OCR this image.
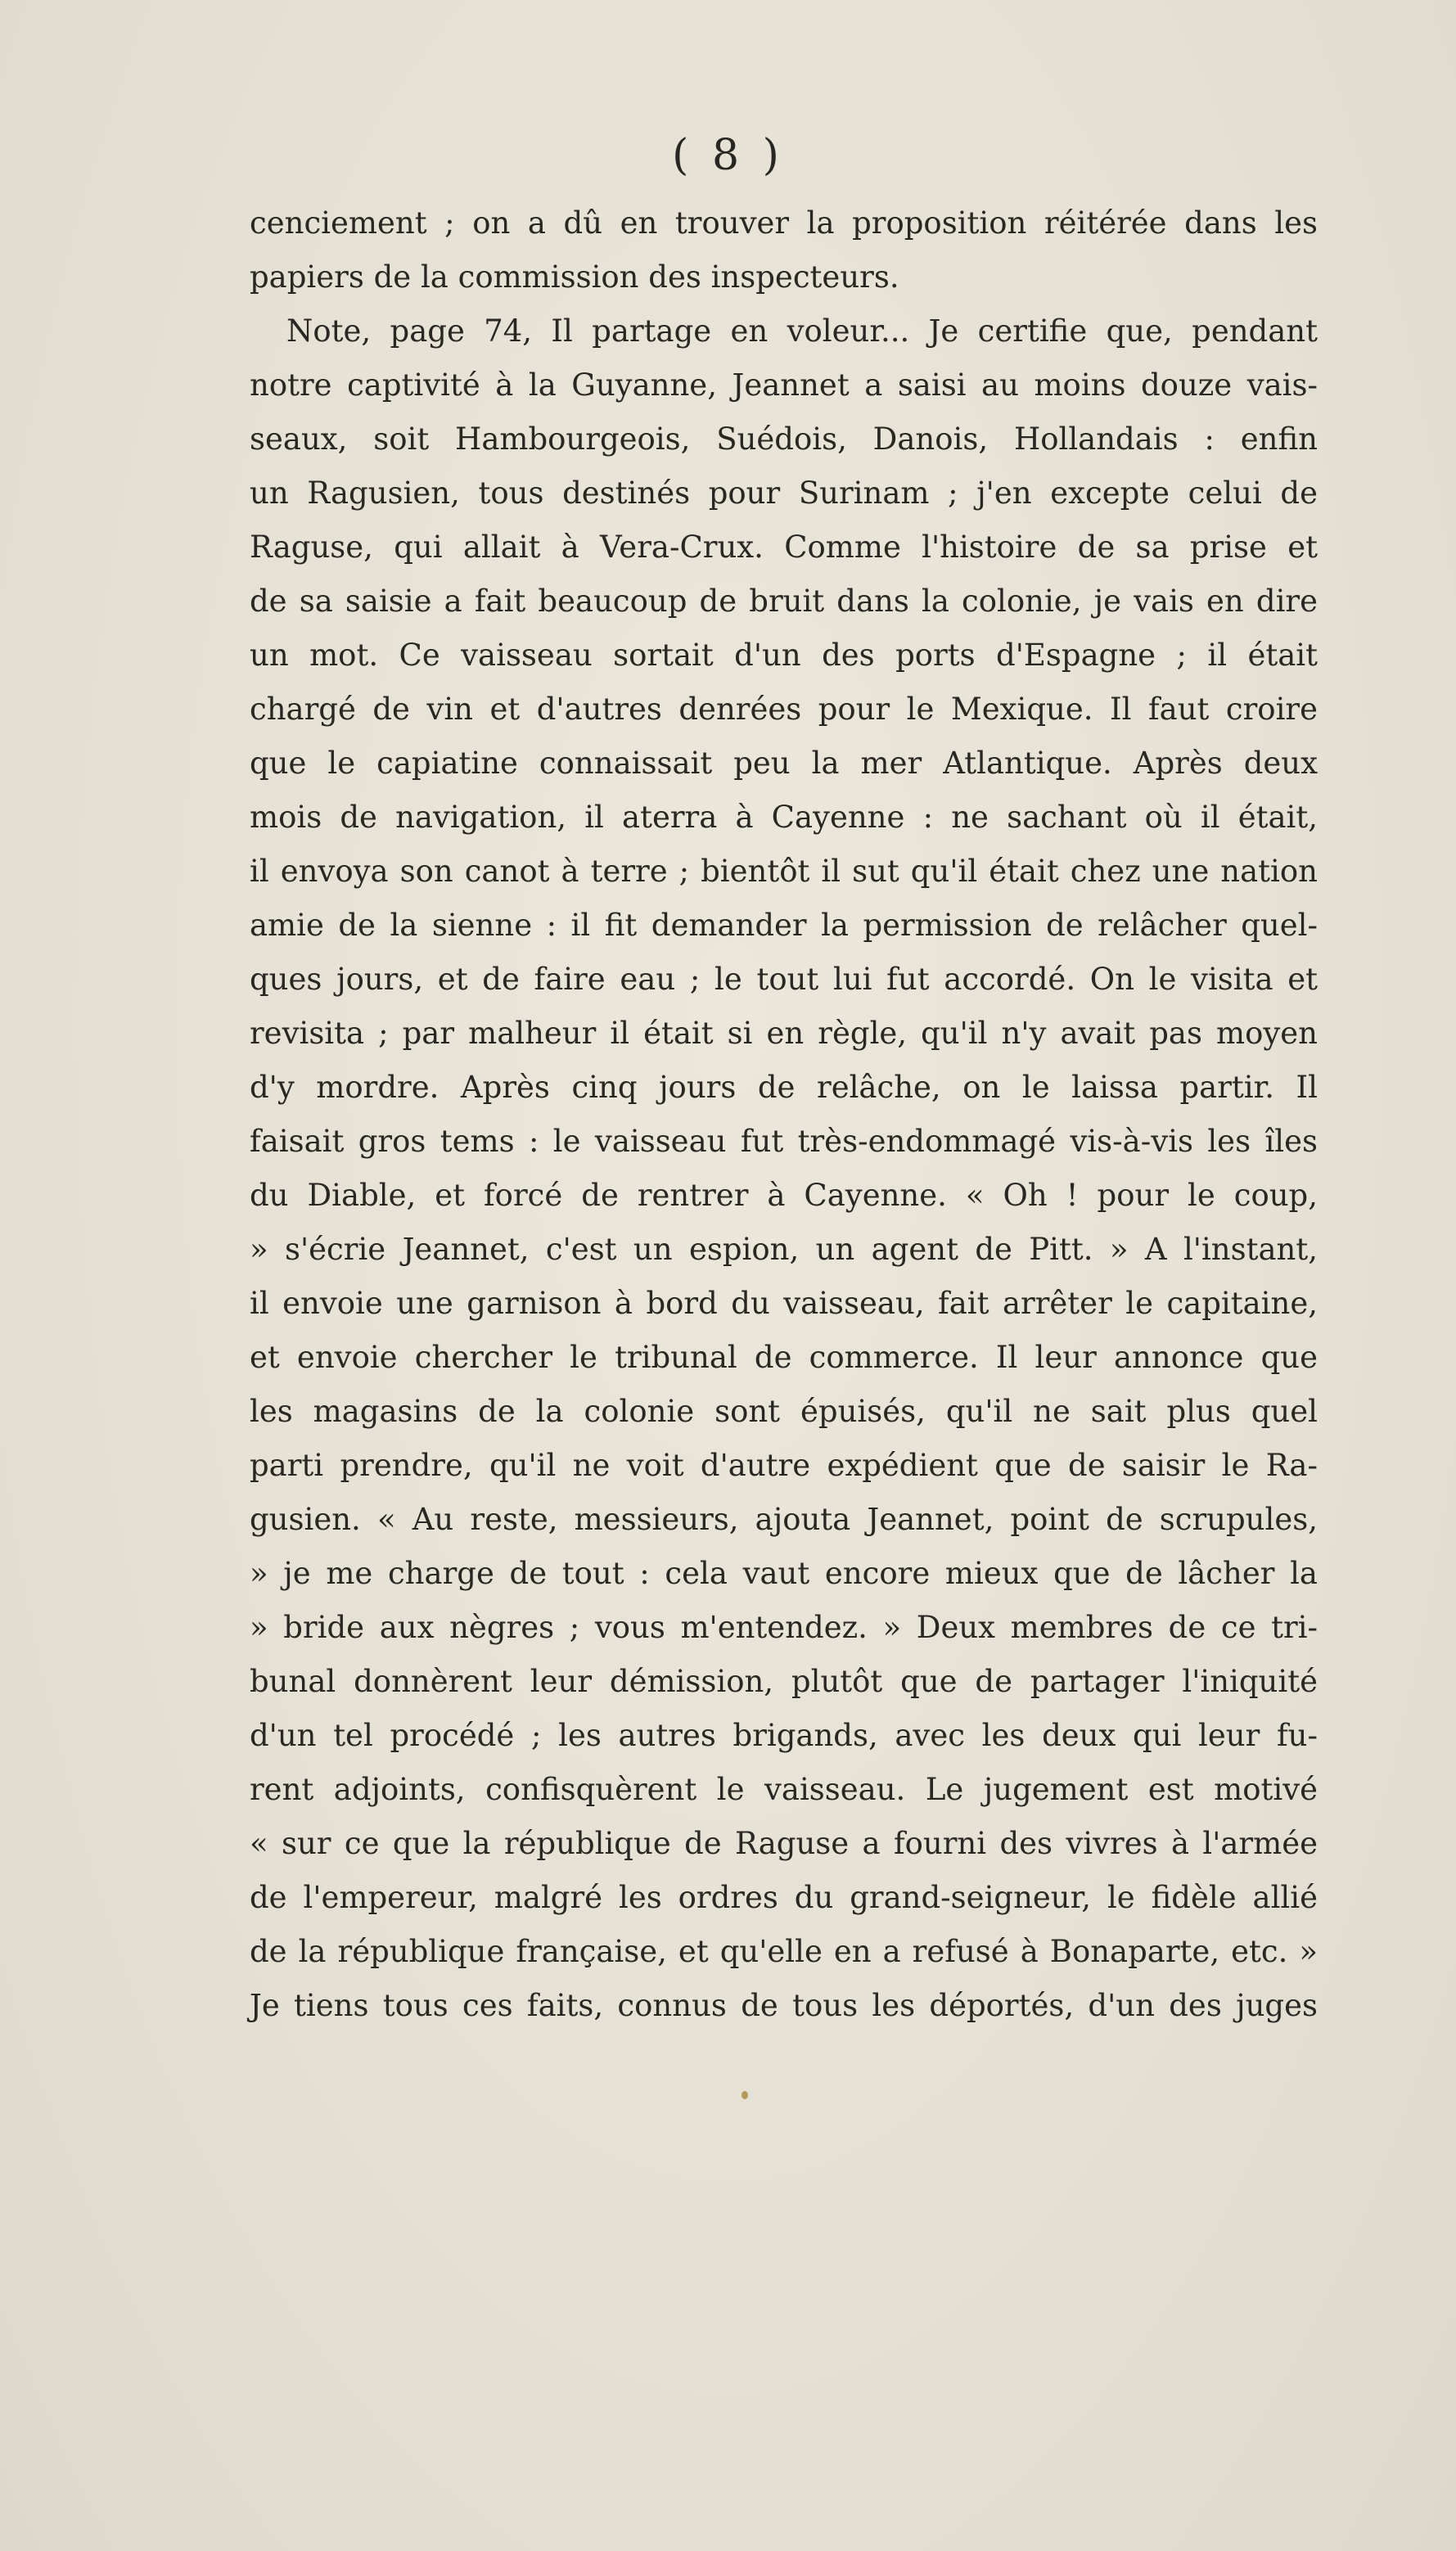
( 8 )
cenciement ; on a dû en trouver la proposition réitérée dans les
papiers de la commission des inspecteurs.
Note, page 74, Il partage en voleur... Je certifie que, pendant
notre captivité à la Guyanne, Jeannet a saisi au moins douze vais-
seaux, soit Hambourgeois, Suédois, Danois, Hollandais : enfin
un Ragusien, tous destinés pour Surinam ; j'en excepte celui de
Raguse, qui allait à Vera-Crux. Comme l'histoire de sa prise et
de sa saisie a fait beaucoup de bruit dans la colonie, je vais en dire
un mot. Ce vaisseau sortait d'un des ports d'Espagne ; il était
chargé de vin et d'autres denrées pour le Mexique. Il faut croire
que le capiatine connaissait peu la mer Atlantique. Après deux
mois de navigation, il aterra à Cayenne : ne sachant où il était,
il envoya son canot à terre ; bientôt il sut qu'il était chez une nation
amie de la sienne : il fit demander la permission de relâcher quel-
ques jours, et de faire eau ; le tout lui fut accordé. On le visita et
revisita ; par malheur il était si en règle, qu'il n'y avait pas moyen
d'y mordre. Après cinq jours de relâche, on le laissa partir. Il
faisait gros tems : le vaisseau fut très-endommagé vis-à-vis les îles
du Diable, et forcé de rentrer à Cayenne. « Oh ! pour le coup,
» s'écrie Jeannet, c'est un espion, un agent de Pitt. » A l'instant,
il envoie une garnison à bord du vaisseau, fait arrêter le capitaine,
et envoie chercher le tribunal de commerce. Il leur annonce que
les magasins de la colonie sont épuisés, qu'il ne sait plus quel
parti prendre, qu'il ne voit d'autre expédient que de saisir le Ra-
gusien. « Au reste, messieurs, ajouta Jeannet, point de scrupules,
» je me charge de tout : cela vaut encore mieux que de lâcher la
» bride aux nègres ; vous m'entendez. » Deux membres de ce tri-
bunal donnèrent leur démission, plutôt que de partager l'iniquité
d'un tel procédé ; les autres brigands, avec les deux qui leur fu-
rent adjoints, confisquèrent le vaisseau. Le jugement est motivé
« sur ce que la république de Raguse a fourni des vivres à l'armée
de l'empereur, malgré les ordres du grand-seigneur, le fidèle allié
de la république française, et qu'elle en a refusé à Bonaparte, etc. »
Je tiens tous ces faits, connus de tous les déportés, d'un des juges
